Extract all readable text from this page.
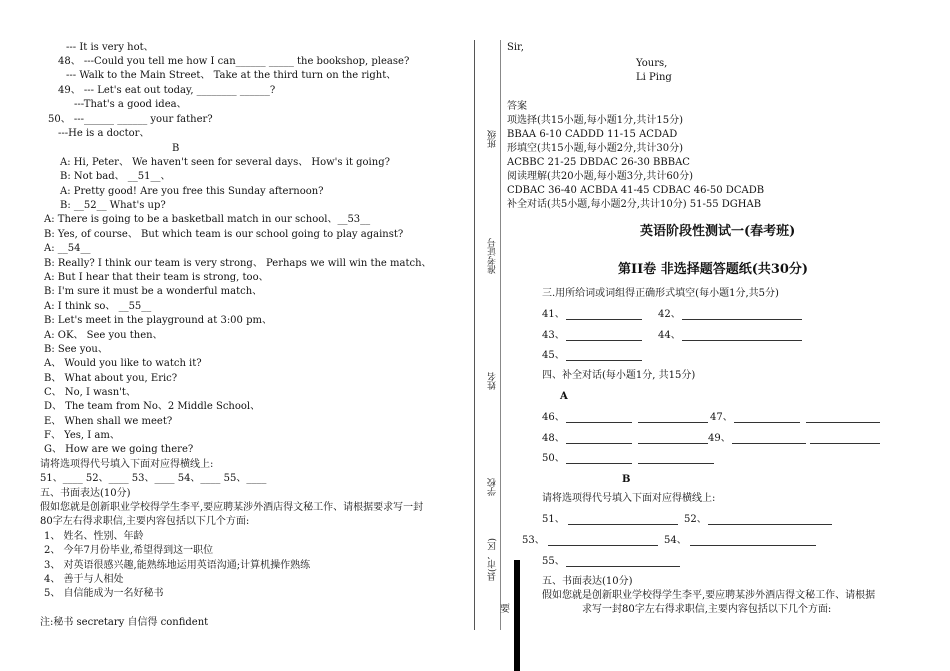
--- It is very hot、
48、 ---Could you tell me how I can______ _____ the bookshop, please?
--- Walk to the Main Street、 Take at the third turn on the right、
49、 --- Let's eat out today, ________ ______?
---That's a good idea、
50、 ---______ ______ your father?
---He is a doctor、
B
A: Hi, Peter、 We haven't seen for several days、 How's it going?
B: Not bad、 __51__、
A: Pretty good! Are you free this Sunday afternoon?
B: __52__ What's up?
A: There is going to be a basketball match in our school、__53__
B: Yes, of course、 But which team is our school going to play against?
A: __54__
B: Really? I think our team is very strong、 Perhaps we will win the match、
A: But I hear that their team is strong, too、
B: I'm sure it must be a wonderful match、
A: I think so、 __55__
B: Let's meet in the playground at 3:00 pm、
A: OK、 See you then、
B: See you、
A、 Would you like to watch it?
B、 What about you, Eric?
C、 No, I wasn't、
D、 The team from No、2 Middle School、
E、 When shall we meet?
F、 Yes, I am、
G、 How are we going there?
请将选项得代号填入下面对应得横线上:
51、____ 52、____ 53、____ 54、____ 55、____
五、书面表达(10分)
假如您就是创新职业学校得学生李平,要应聘某涉外酒店得文秘工作、请根据要求写一封
80字左右得求职信,主要内容包括以下几个方面:
1、 姓名、性别、年龄
2、 今年7月份毕业,希望得到这一职位
3、 对英语很感兴趣,能熟练地运用英语沟通;计算机操作熟练
4、 善于与人相处
5、 自信能成为一名好秘书
注:秘书 secretary 自信得 confident
班级
准考证号
姓名
学校
县(市、区)
要
Sir,
Yours,
Li Ping
答案
项选择(共15小题,每小题1分,共计15分)
BBAA 6-10 CADDD 11-15 ACDAD
形填空(共15小题,每小题2分,共计30分)
ACBBC 21-25 DBDAC 26-30 BBBAC
阅读理解(共20小题,每小题3分,共计60分)
CDBAC 36-40 ACBDA 41-45 CDBAC 46-50 DCADB
补全对话(共5小题,每小题2分,共计10分) 51-55 DGHAB
英语阶段性测试一(春考班)
第II卷 非选择题答题纸(共30分)
三.用所给词或词组得正确形式填空(每小题1分,共5分)
41、	42、
43、	44、
45、
四、补全对话(每小题1分, 共15分)
A
46、	47、
48、	49、
50、
B
请将选项得代号填入下面对应得横线上:
51、	52、
53、	54、
55、
五、书面表达(10分)
假如您就是创新职业学校得学生李平,要应聘某涉外酒店得文秘工作、请根据
求写一封80字左右得求职信,主要内容包括以下几个方面:
